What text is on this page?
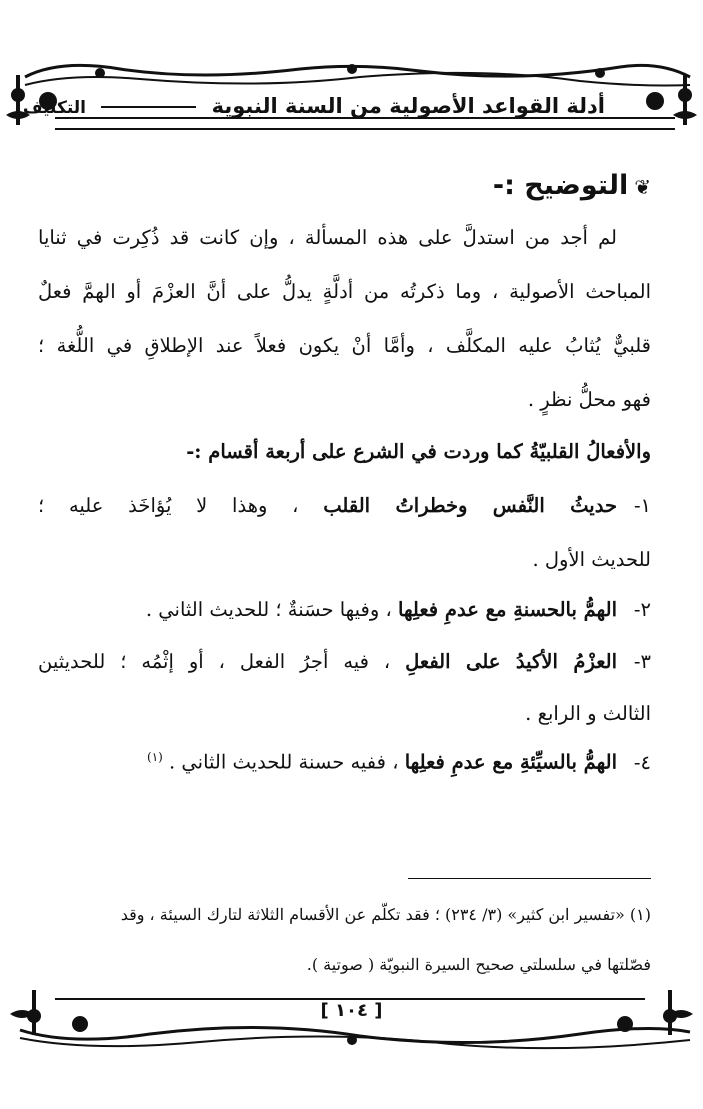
أدلة القواعد الأصولية من السنة النبوية  التكليف
❦التوضيح :-
لم أجد من استدلَّ على هذه المسألة ، وإن كانت قد ذُكِرت في ثنايا
المباحث الأصولية ، وما ذكرتُه من أدلَّةٍ يدلُّ على أنَّ العزْمَ أو الهمَّ فعلٌ
قلبيٌّ يُثابُ عليه المكلَّف ، وأمَّا أنْ يكون فعلاً عند الإطلاقِ في اللُّغة ؛
فهو محلُّ نظرٍ .
والأفعالُ القلبيّةُ كما وردت في الشرع على أربعة أقسام :-
١-حديثُ النَّفس وخطراتُ القلب ، وهذا لا يُؤاخَذ عليه ؛
للحديث الأول .
٢-الهمُّ بالحسنةِ مع عدمِ فعلِها ، وفيها حسَنةٌ ؛ للحديث الثاني .
٣-العزْمُ الأكيدُ على الفعلِ ، فيه أجرُ الفعل ، أو إثْمُه ؛ للحديثين
الثالث و الرابع .
٤-الهمُّ بالسيِّئةِ مع عدمِ فعلِها ، ففيه حسنة للحديث الثاني . $^{(١)}$
(١) «تفسير ابن كثير» (٣/ ٢٣٤) ؛ فقد تكلّم عن الأقسام الثلاثة لتارك السيئة ، وقد
فصّلتها في سلسلتي صحيح السيرة النبويّة ( صوتية ).
[ ١٠٤ ]
